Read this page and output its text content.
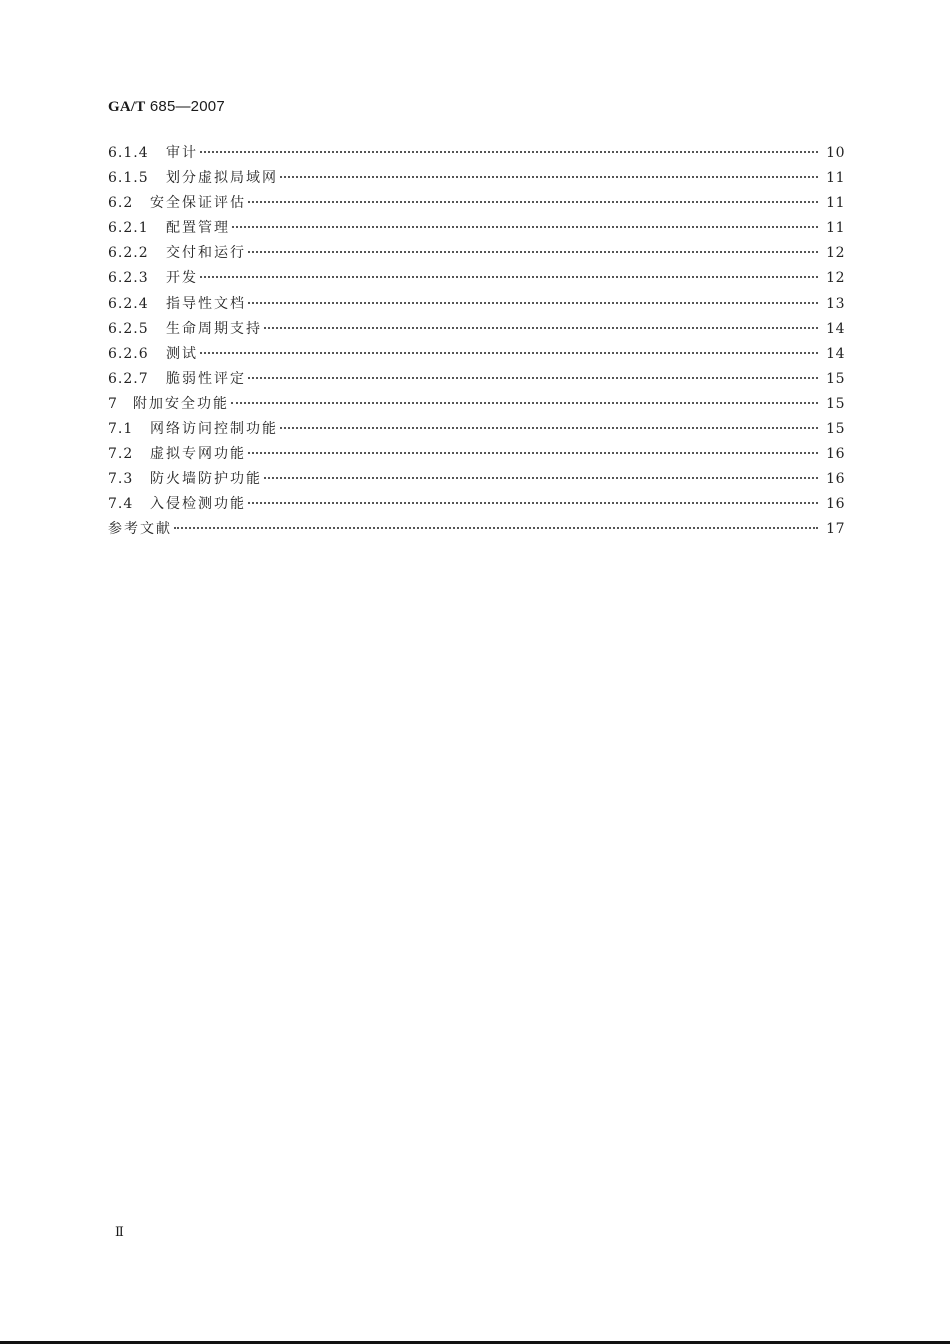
GA/T 685—2007
6.1.4	审计	10
6.1.5	划分虚拟局域网	11
6.2	安全保证评估	11
6.2.1	配置管理	11
6.2.2	交付和运行	12
6.2.3	开发	12
6.2.4	指导性文档	13
6.2.5	生命周期支持	14
6.2.6	测试	14
6.2.7	脆弱性评定	15
7	附加安全功能	15
7.1	网络访问控制功能	15
7.2	虚拟专网功能	16
7.3	防火墙防护功能	16
7.4	入侵检测功能	16
参考文献	17
Ⅱ
